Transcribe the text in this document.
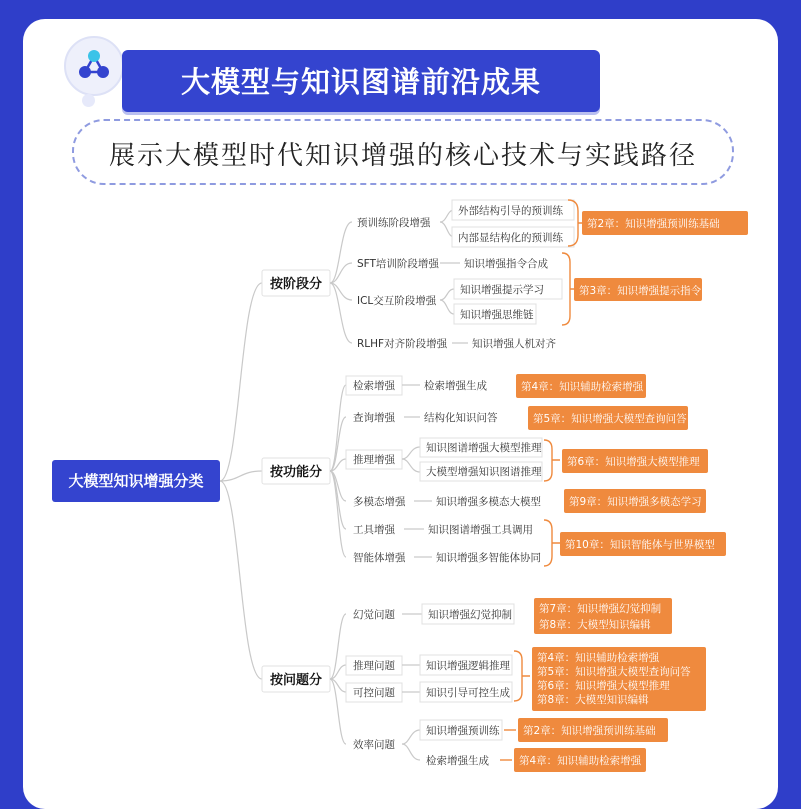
大模型与知识图谱前沿成果
展示大模型时代知识增强的核心技术与实践路径
大模型知识增强分类
按阶段分
按功能分
按问题分
预训练阶段增强
外部结构引导的预训练
内部显结构化的预训练
SFT培训阶段增强 知识增强指令合成
ICL交互阶段增强
知识增强提示学习
知识增强思维链
RLHF对齐阶段增强 知识增强人机对齐
检索增强	检索增强生成
查询增强	结构化知识问答
推理增强
知识图谱增强大模型推理
大模型增强知识图谱推理
多模态增强	知识增强多模态大模型
工具增强	知识图谱增强工具调用
智能体增强	知识增强多智能体协同
幻觉问题	知识增强幻觉抑制
推理问题	知识增强逻辑推理
可控问题	知识引导可控生成
效率问题
知识增强预训练
检索增强生成
第2章：知识增强预训练基础
第3章：知识增强提示指令
第4章：知识辅助检索增强
第5章：知识增强大模型查询问答
第6章：知识增强大模型推理
第9章：知识增强多模态学习
第10章：知识智能体与世界模型
第7章：知识增强幻觉抑制
第8章：大模型知识编辑
第4章：知识辅助检索增强
第5章：知识增强大模型查询问答
第6章：知识增强大模型推理
第8章：大模型知识编辑
第2章：知识增强预训练基础
第4章：知识辅助检索增强
